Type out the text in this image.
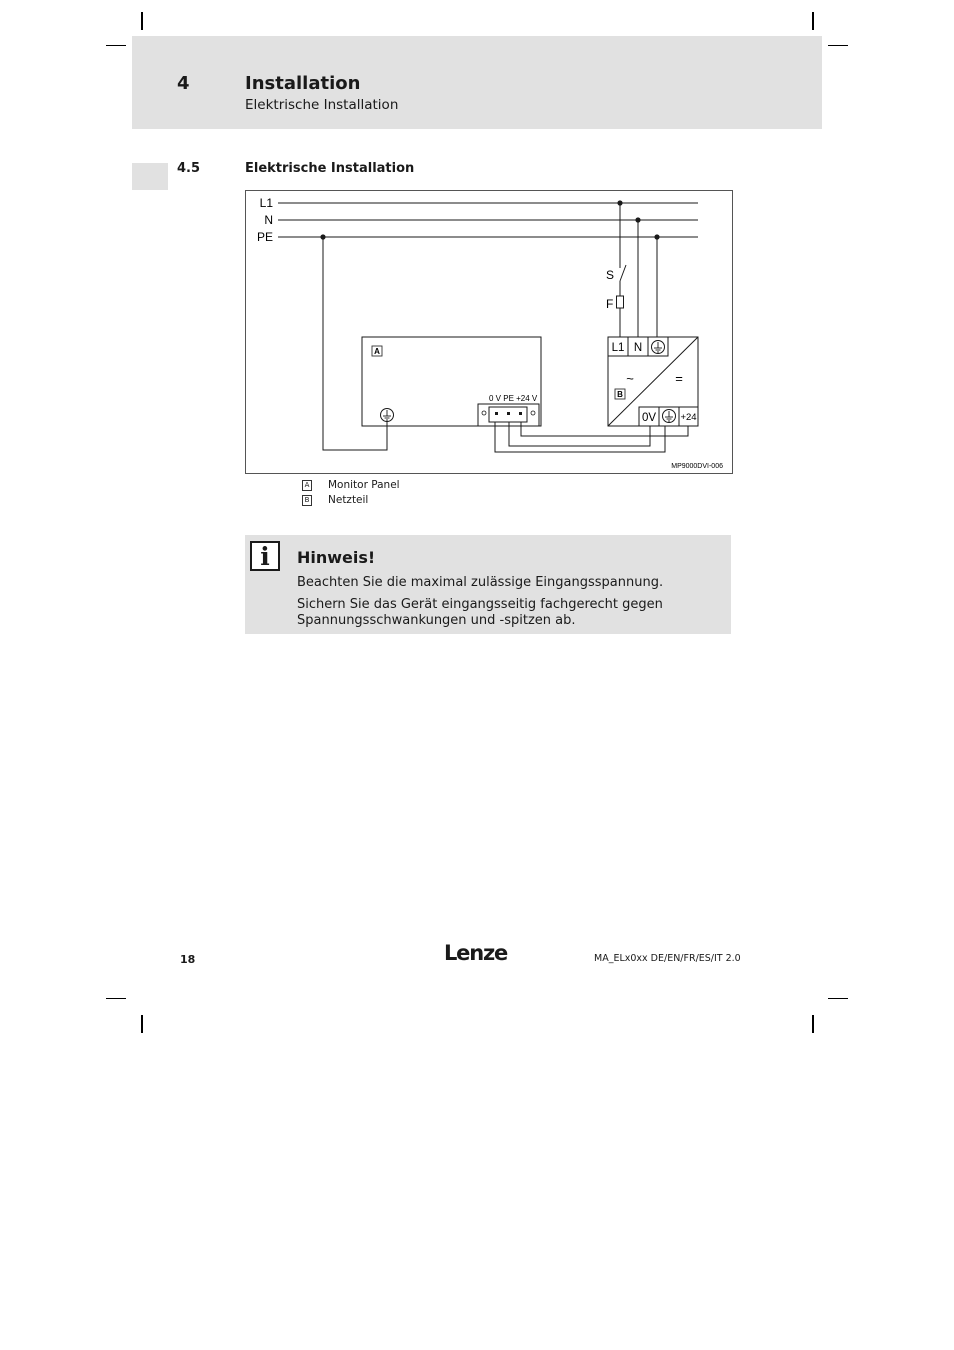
4	Installation
Elektrische Installation
4.5	Elektrische Installation
L1
N
PE
S
F
A
0 V PE +24 V	B
L1 N
~	=
0V	+24
MP9000DVI-006
A Monitor Panel
B Netzteil
i	Hinweis!
Beachten Sie die maximal zulässige Eingangsspannung.
Sichern Sie das Gerät eingangsseitig fachgerecht gegen Spannungsschwankungen und -spitzen ab.
18	Lenze	MA_ELx0xx DE/EN/FR/ES/IT 2.0
